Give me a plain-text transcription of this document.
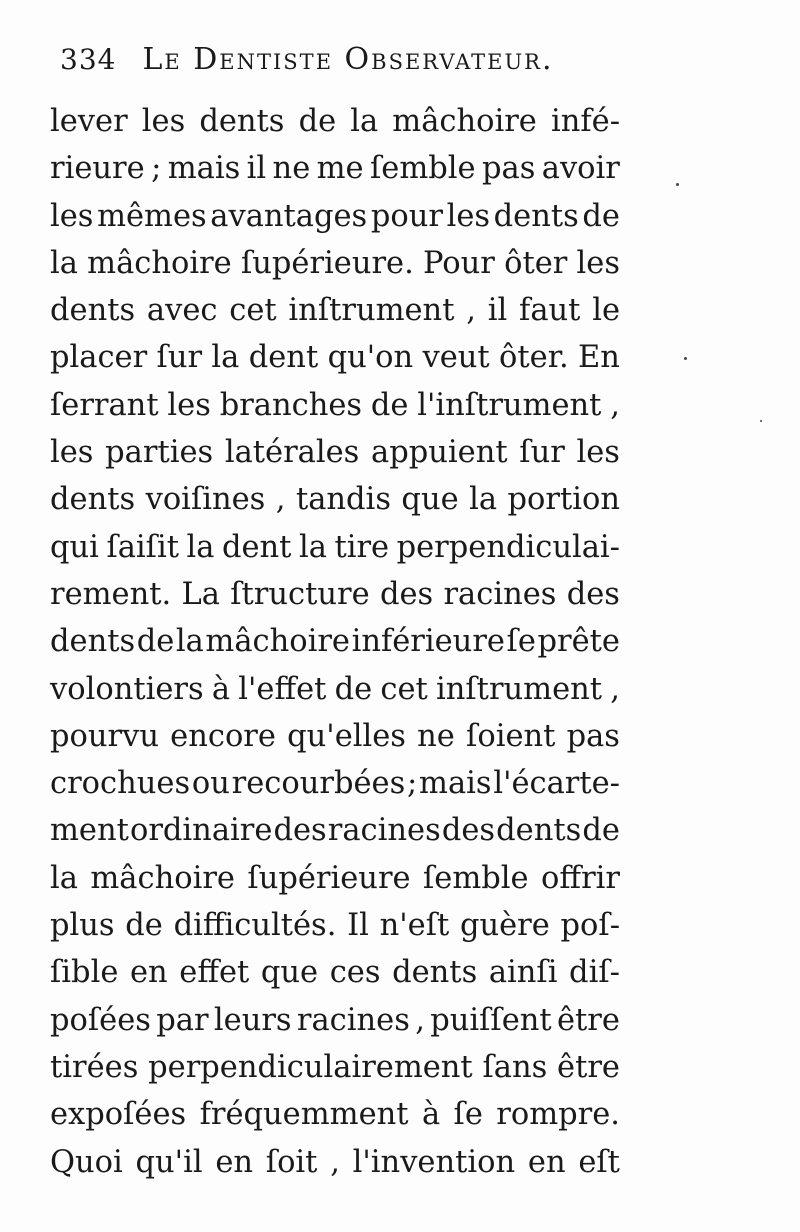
334 Le Dentiste Observateur.
lever les dents de la mâchoire infé-
rieure ; mais il ne me ſemble pas avoir
les mêmes avantages pour les dents de
la mâchoire ſupérieure. Pour ôter les
dents avec cet inſtrument , il faut le
placer ſur la dent qu'on veut ôter. En
ſerrant les branches de l'inſtrument ,
les parties latérales appuient ſur les
dents voiſines , tandis que la portion
qui ſaiſit la dent la tire perpendiculai-
rement. La ſtructure des racines des
dents de la mâchoire inférieure ſe prête
volontiers à l'effet de cet inſtrument ,
pourvu encore qu'elles ne ſoient pas
crochues ou recourbées ; mais l'écarte-
ment ordinaire des racines des dents de
la mâchoire ſupérieure ſemble offrir
plus de difficultés. Il n'eſt guère poſ-
ſible en effet que ces dents ainſi diſ-
poſées par leurs racines , puiſſent être
tirées perpendiculairement ſans être
expoſées fréquemment à ſe rompre.
Quoi qu'il en ſoit , l'invention en eſt
